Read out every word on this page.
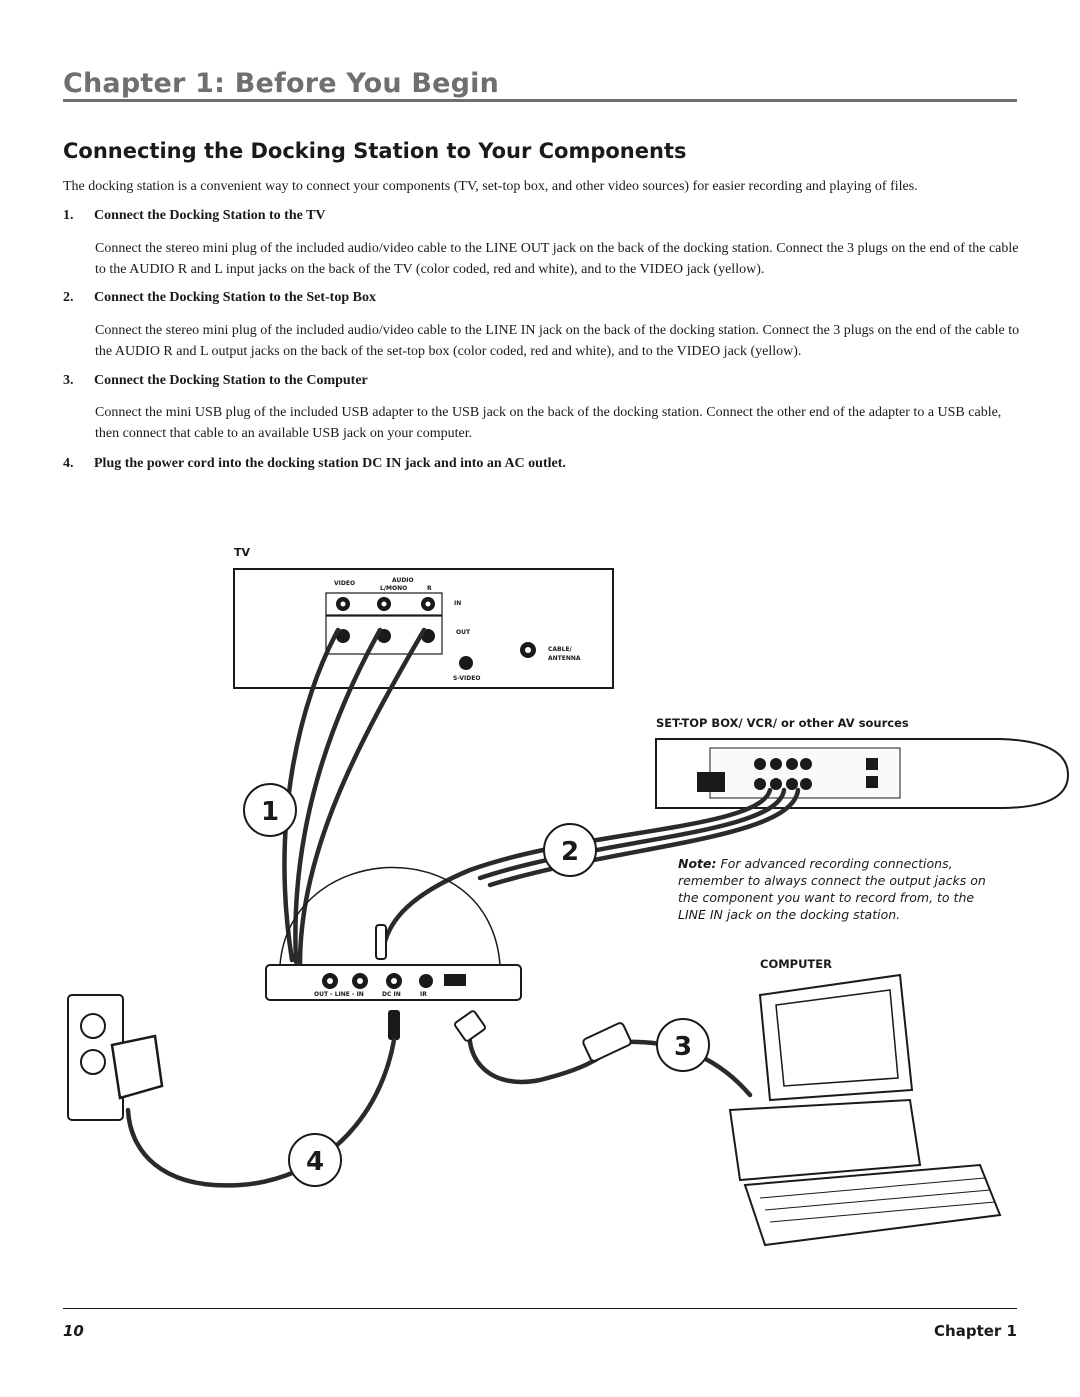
Chapter 1: Before You Begin
Connecting the Docking Station to Your Components
The docking station is a convenient way to connect your components (TV, set-top box, and other video sources) for easier recording and playing of files.
1. Connect the Docking Station to the TV
Connect the stereo mini plug of the included audio/video cable to the LINE OUT jack on the back of the docking station. Connect the 3 plugs on the end of the cable to the AUDIO R and L input jacks on the back of the TV (color coded, red and white), and to the VIDEO jack (yellow).
2. Connect the Docking Station to the Set-top Box
Connect the stereo mini plug of the included audio/video cable to the LINE IN jack on the back of the docking station. Connect the 3 plugs on the end of the cable to the AUDIO R and L output jacks on the back of the set-top box (color coded, red and white), and to the VIDEO jack (yellow).
3. Connect the Docking Station to the Computer
Connect the mini USB plug of the included USB adapter to the USB jack on the back of the docking station. Connect the other end of the adapter to a USB cable, then connect that cable to an available USB jack on your computer.
4. Plug the power cord into the docking station DC IN jack and into an AC outlet.
TV
VIDEO	AUDIO
L/MONO	R
IN
OUT
CABLE/
ANTENNA
S-VIDEO
SET-TOP BOX/ VCR/ or other AV sources
OUT - LINE - IN	DC IN	IR
COMPUTER
1
2
3
4
Note: For advanced recording connections, remember to always connect the output jacks on the component you want to record from, to the LINE IN jack on the docking station.
10	Chapter 1
